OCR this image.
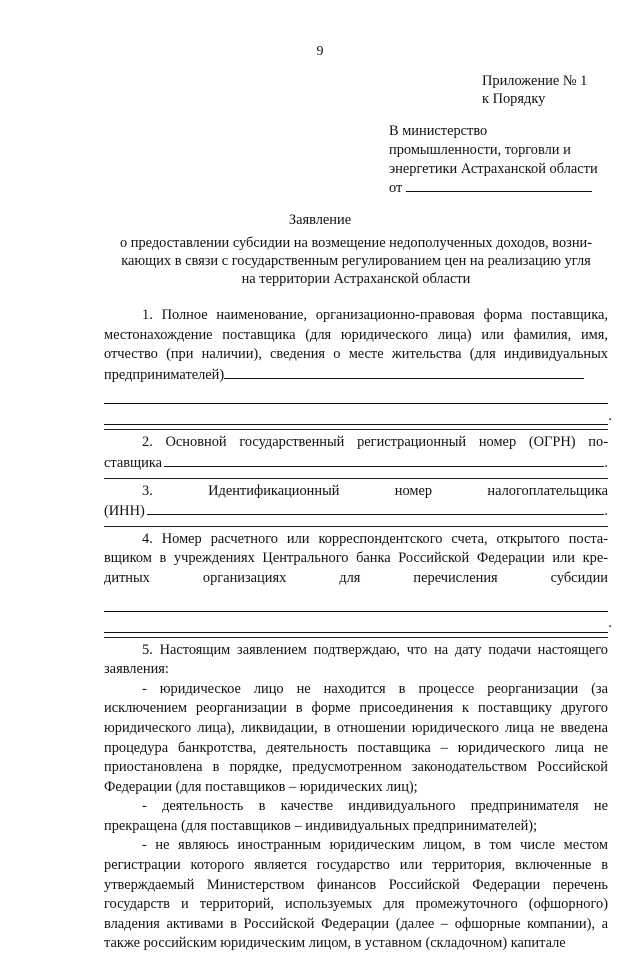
9
Приложение № 1
к Порядку
В министерство
промышленности, торговли и
энергетики Астраханской области
от
Заявление
о предоставлении субсидии на возмещение недополученных доходов, возни-
кающих в связи с государственным регулированием цен на реализацию угля
на территории Астраханской области

1. Полное наименование, организационно-правовая форма поставщика, местонахождение поставщика (для юридического лица) или фамилия, имя, отчество (при наличии), сведения о месте жительства (для индивидуальных предпринимателей)

.

2. Основной государственный регистрационный номер (ОГРН) по-

ставщика	.

3. Идентификационный номер налогоплательщика

(ИНН)	.

4. Номер расчетного или корреспондентского счета, открытого поста-

вщиком в учреждениях Центрального банка Российской Федерации или кре-

дитных организациях для перечисления субсидии

.

5. Настоящим заявлением подтверждаю, что на дату подачи настоящего заявления:

- юридическое лицо не находится в процессе реорганизации (за исключением реорганизации в форме присоединения к поставщику другого юридического лица), ликвидации, в отношении юридического лица не введена процедура банкротства, деятельность поставщика – юридического лица не приостановлена в порядке, предусмотренном законодательством Российской Федерации (для поставщиков – юридических лиц);

- деятельность в качестве индивидуального предпринимателя не прекращена (для поставщиков – индивидуальных предпринимателей);

- не являюсь иностранным юридическим лицом, в том числе местом регистрации которого является государство или территория, включенные в утверждаемый Министерством финансов Российской Федерации перечень государств и территорий, используемых для промежуточного (офшорного) владения активами в Российской Федерации (далее – офшорные компании), а также российским юридическим лицом, в уставном (складочном) капитале
